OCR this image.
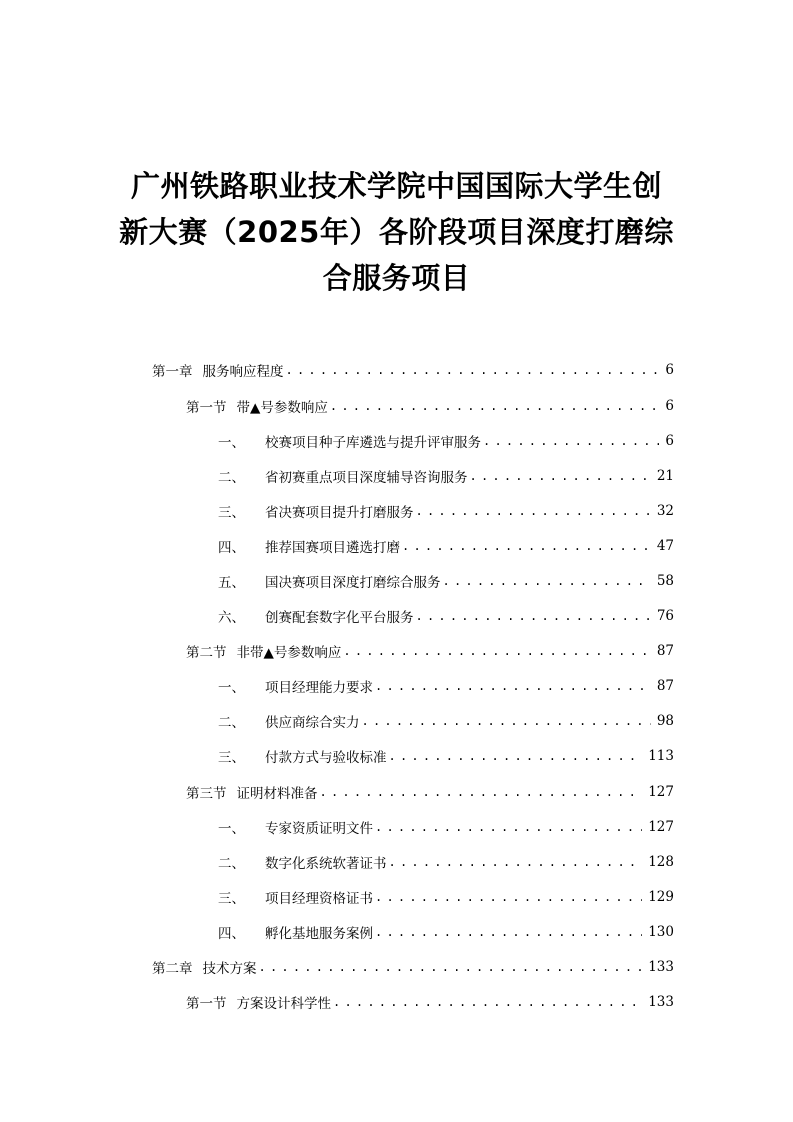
广州铁路职业技术学院中国国际大学生创
新大赛（2025年）各阶段项目深度打磨综
合服务项目
第一章 服务响应程度 . . .	6
第一节 带▲号参数响应 . . .	6
一、 校赛项目种子库遴选与提升评审服务 . . .	6
二、 省初赛重点项目深度辅导咨询服务 . . .	21
三、 省决赛项目提升打磨服务 . . .	32
四、 推荐国赛项目遴选打磨 . . .	47
五、 国决赛项目深度打磨综合服务 . . .	58
六、 创赛配套数字化平台服务 . . .	76
第二节 非带▲号参数响应 . . .	87
一、 项目经理能力要求 . . .	87
二、 供应商综合实力 . . .	98
三、 付款方式与验收标准 . . .	113
第三节 证明材料准备 . . .	127
一、 专家资质证明文件 . . .	127
二、 数字化系统软著证书 . . .	128
三、 项目经理资格证书 . . .	129
四、 孵化基地服务案例 . . .	130
第二章 技术方案 . . .	133
第一节 方案设计科学性 . . .	133
